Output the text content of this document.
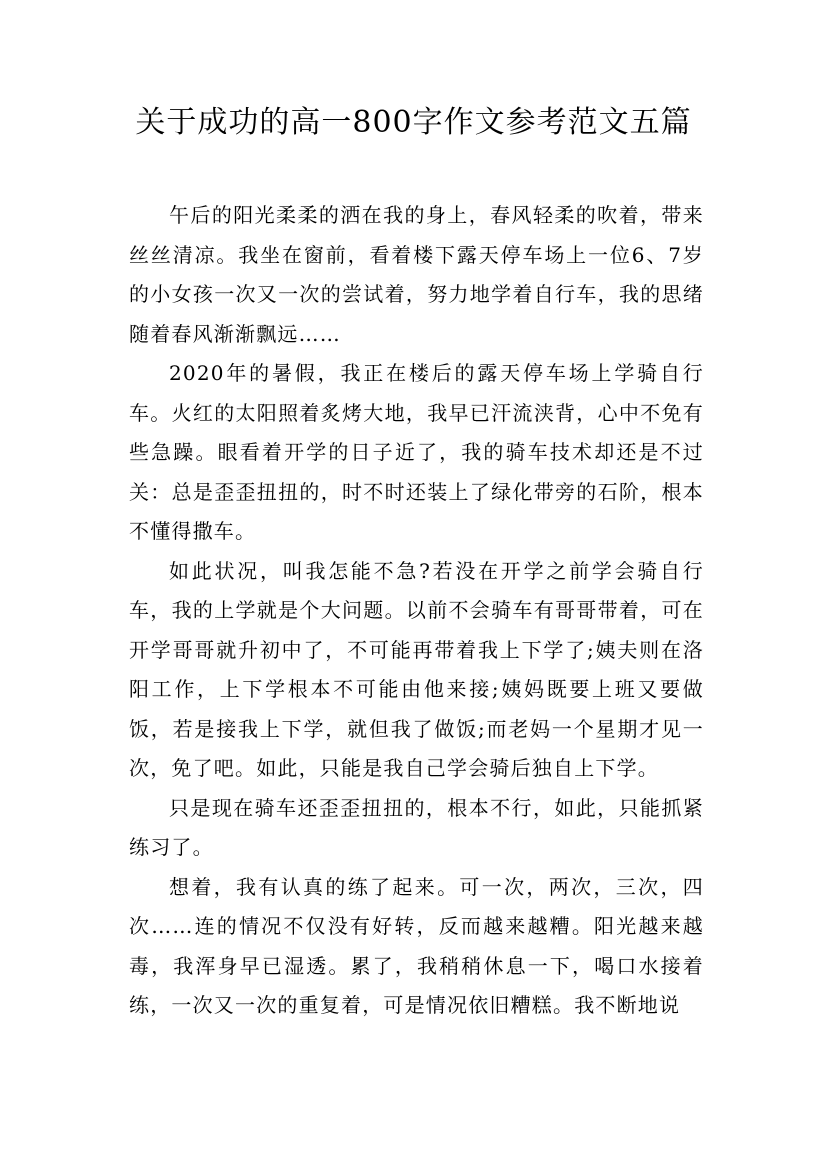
关于成功的高一800字作文参考范文五篇

午后的阳光柔柔的洒在我的身上，春风轻柔的吹着，带来丝丝清凉。我坐在窗前，看着楼下露天停车场上一位6、7岁的小女孩一次又一次的尝试着，努力地学着自行车，我的思绪随着春风渐渐飘远……

2020年的暑假，我正在楼后的露天停车场上学骑自行车。火红的太阳照着炙烤大地，我早已汗流浃背，心中不免有些急躁。眼看着开学的日子近了，我的骑车技术却还是不过关：总是歪歪扭扭的，时不时还装上了绿化带旁的石阶，根本不懂得撒车。

如此状况，叫我怎能不急?若没在开学之前学会骑自行车，我的上学就是个大问题。以前不会骑车有哥哥带着，可在开学哥哥就升初中了，不可能再带着我上下学了;姨夫则在洛阳工作，上下学根本不可能由他来接;姨妈既要上班又要做饭，若是接我上下学，就但我了做饭;而老妈一个星期才见一次，免了吧。如此，只能是我自己学会骑后独自上下学。

只是现在骑车还歪歪扭扭的，根本不行，如此，只能抓紧练习了。

想着，我有认真的练了起来。可一次，两次，三次，四次……连的情况不仅没有好转，反而越来越糟。阳光越来越毒，我浑身早已湿透。累了，我稍稍休息一下，喝口水接着练，一次又一次的重复着，可是情况依旧糟糕。我不断地说
